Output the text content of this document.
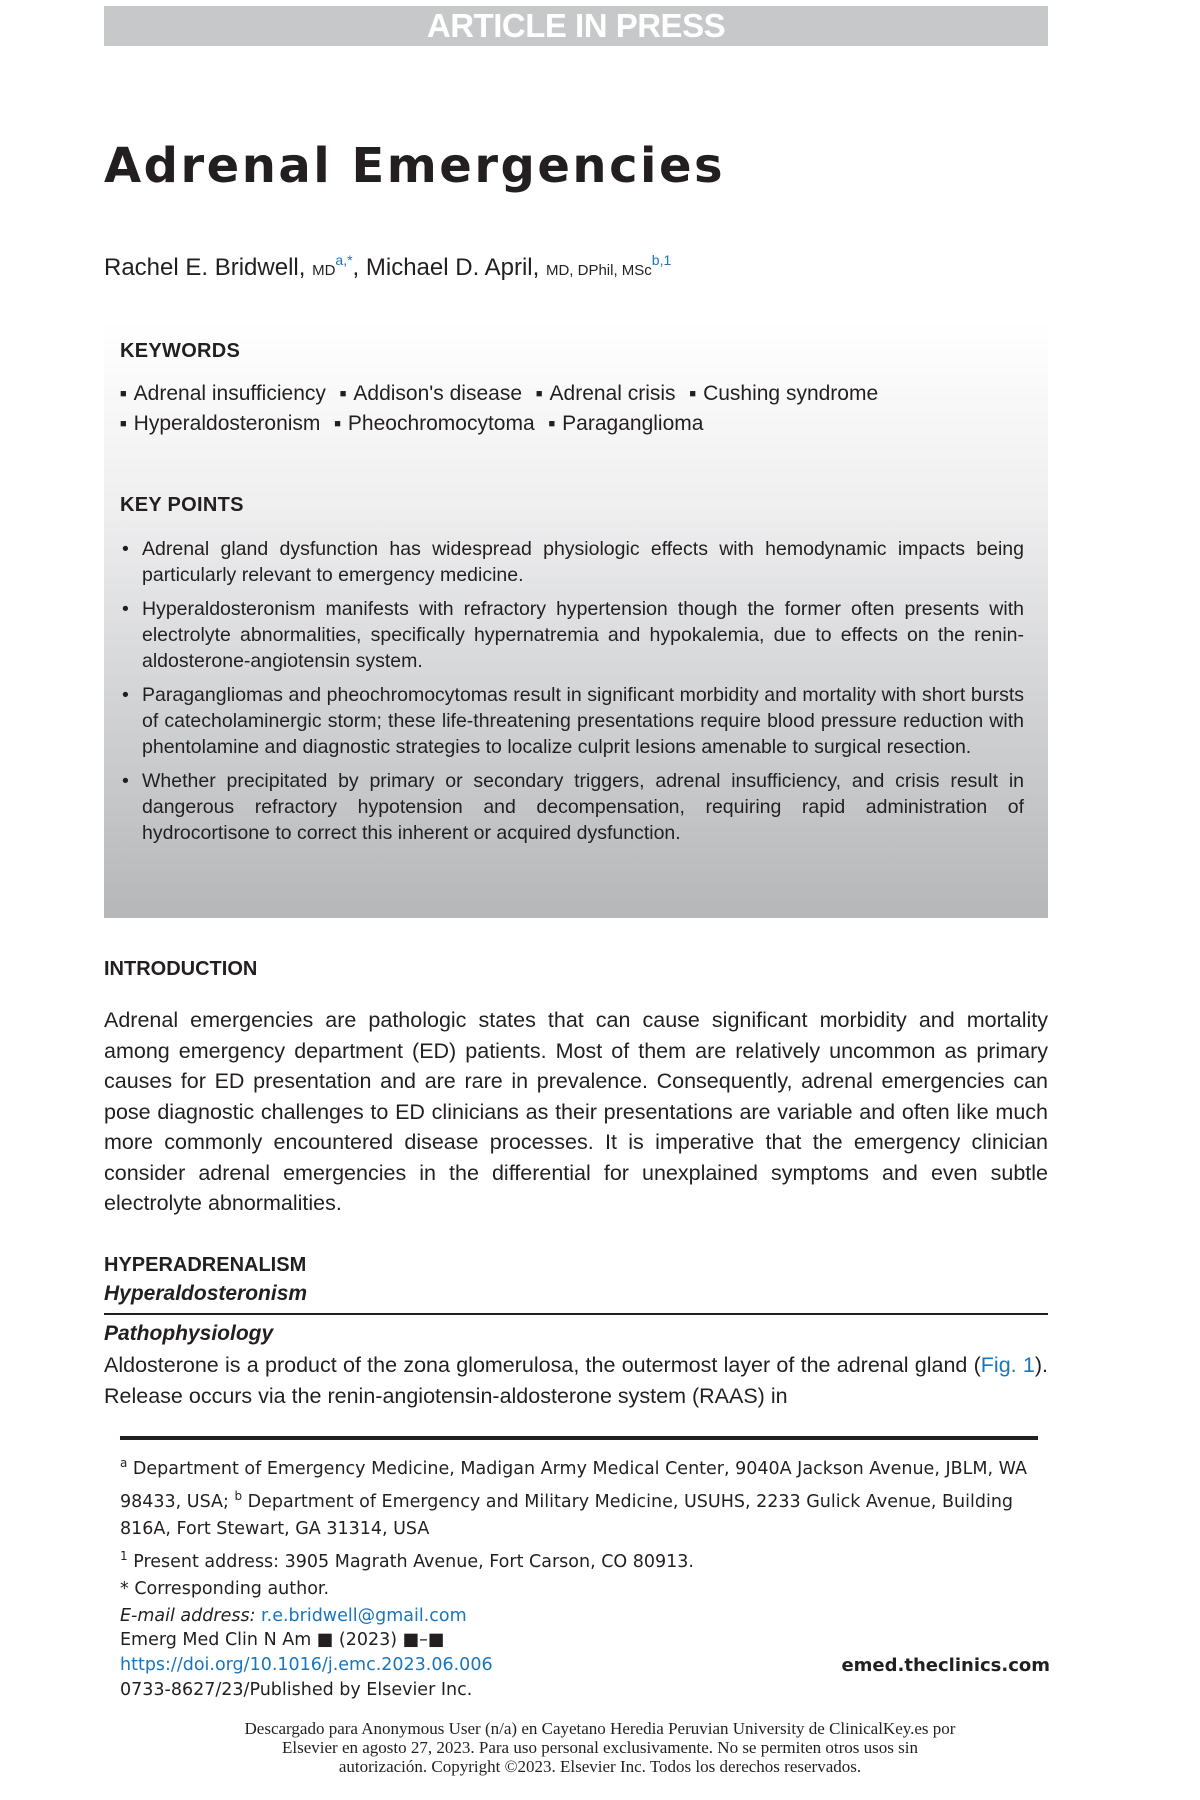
ARTICLE IN PRESS
Adrenal Emergencies
Rachel E. Bridwell, $MD^{a,*}$, Michael D. April, MD, DPhil, MSc$^{b,1}$
KEYWORDS
■ Adrenal insufficiency ■ Addison's disease ■ Adrenal crisis ■ Cushing syndrome
■ Hyperaldosteronism ■ Pheochromocytoma ■ Paraganglioma
KEY POINTS
• Adrenal gland dysfunction has widespread physiologic effects with hemodynamic impacts being particularly relevant to emergency medicine.
• Hyperaldosteronism manifests with refractory hypertension though the former often presents with electrolyte abnormalities, specifically hypernatremia and hypokalemia, due to effects on the renin-aldosterone-angiotensin system.
• Paragangliomas and pheochromocytomas result in significant morbidity and mortality with short bursts of catecholaminergic storm; these life-threatening presentations require blood pressure reduction with phentolamine and diagnostic strategies to localize culprit lesions amenable to surgical resection.
• Whether precipitated by primary or secondary triggers, adrenal insufficiency, and crisis result in dangerous refractory hypotension and decompensation, requiring rapid administration of hydrocortisone to correct this inherent or acquired dysfunction.
INTRODUCTION

Adrenal emergencies are pathologic states that can cause significant morbidity and mortality among emergency department (ED) patients. Most of them are relatively uncommon as primary causes for ED presentation and are rare in prevalence. Consequently, adrenal emergencies can pose diagnostic challenges to ED clinicians as their presentations are variable and often like much more commonly encountered disease processes. It is imperative that the emergency clinician consider adrenal emergencies in the differential for unexplained symptoms and even subtle electrolyte abnormalities.

HYPERADRENALISM
Hyperaldosteronism
Pathophysiology

Aldosterone is a product of the zona glomerulosa, the outermost layer of the adrenal gland (Fig. 1). Release occurs via the renin-angiotensin-aldosterone system (RAAS) in

$^a$ Department of Emergency Medicine, Madigan Army Medical Center, 9040A Jackson Avenue, JBLM, WA 98433, USA; $^b$ Department of Emergency and Military Medicine, USUHS, 2233 Gulick Avenue, Building 816A, Fort Stewart, GA 31314, USA

$^1$ Present address: 3905 Magrath Avenue, Fort Carson, CO 80913.

* Corresponding author.

E-mail address: r.e.bridwell@gmail.com

Emerg Med Clin N Am ■ (2023) ■–■

https://doi.org/10.1016/j.emc.2023.06.006

0733-8627/23/Published by Elsevier Inc.

emed.theclinics.com

Descargado para Anonymous User (n/a) en Cayetano Heredia Peruvian University de ClinicalKey.es por Elsevier en agosto 27, 2023. Para uso personal exclusivamente. No se permiten otros usos sin autorización. Copyright ©2023. Elsevier Inc. Todos los derechos reservados.
